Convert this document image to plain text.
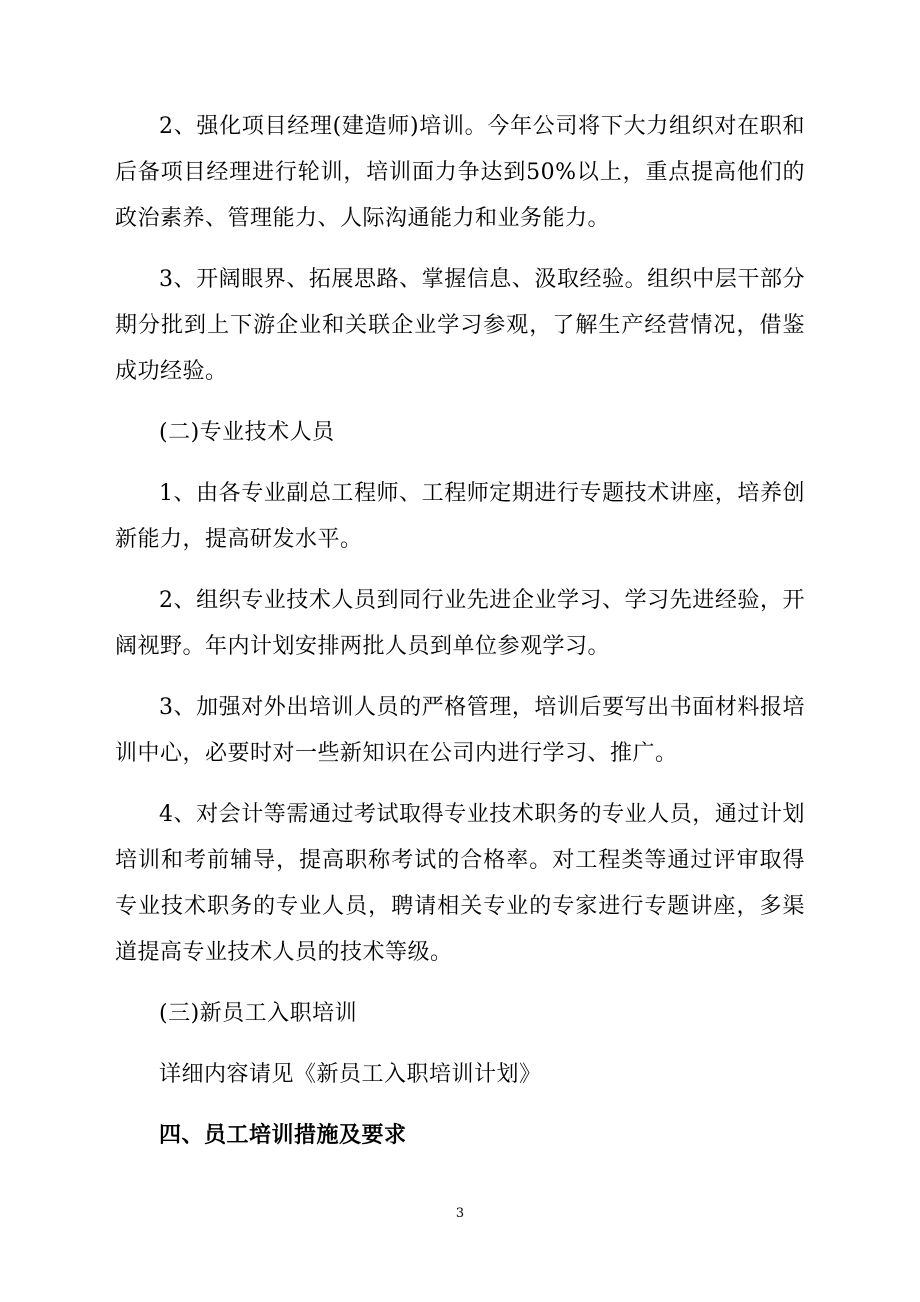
2、强化项目经理(建造师)培训。今年公司将下大力组织对在职和后备项目经理进行轮训，培训面力争达到50%以上，重点提高他们的政治素养、管理能力、人际沟通能力和业务能力。

3、开阔眼界、拓展思路、掌握信息、汲取经验。组织中层干部分期分批到上下游企业和关联企业学习参观，了解生产经营情况，借鉴成功经验。

(二)专业技术人员

1、由各专业副总工程师、工程师定期进行专题技术讲座，培养创新能力，提高研发水平。

2、组织专业技术人员到同行业先进企业学习、学习先进经验，开阔视野。年内计划安排两批人员到单位参观学习。

3、加强对外出培训人员的严格管理，培训后要写出书面材料报培训中心，必要时对一些新知识在公司内进行学习、推广。

4、对会计等需通过考试取得专业技术职务的专业人员，通过计划培训和考前辅导，提高职称考试的合格率。对工程类等通过评审取得专业技术职务的专业人员，聘请相关专业的专家进行专题讲座，多渠道提高专业技术人员的技术等级。

(三)新员工入职培训

详细内容请见《新员工入职培训计划》

四、员工培训措施及要求

3
